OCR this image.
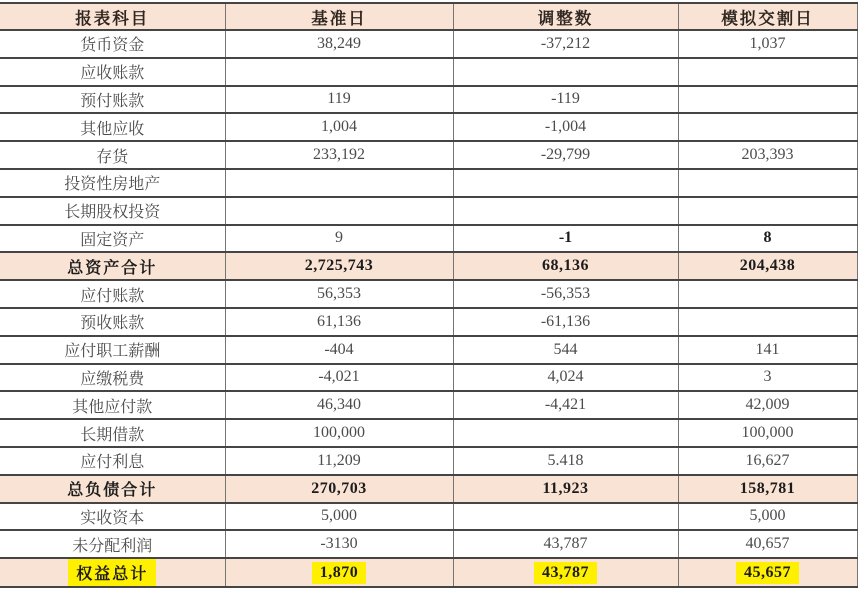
报表科目	基准日	调整数	模拟交割日
货币资金	38,249	-37,212	1,037
应收账款			
预付账款	119	-119	
其他应收	1,004	-1,004	
存货	233,192	-29,799	203,393
投资性房地产			
长期股权投资			
固定资产	9	-1	8
总资产合计	2,725,743	68,136	204,438
应付账款	56,353	-56,353	
预收账款	61,136	-61,136	
应付职工薪酬	-404	544	141
应缴税费	-4,021	4,024	3
其他应付款	46,340	-4,421	42,009
长期借款	100,000		100,000
应付利息	11,209	5.418	16,627
总负债合计	270,703	11,923	158,781
实收资本	5,000		5,000
未分配利润	-3130	43,787	40,657
权益总计	1,870	43,787	45,657
